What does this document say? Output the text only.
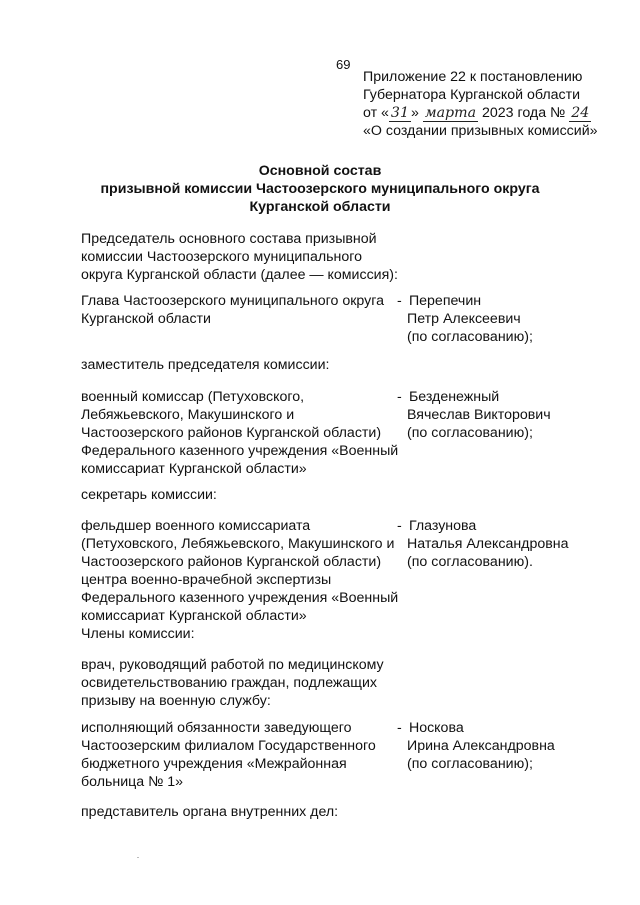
69
Приложение 22 к постановлению
Губернатора Курганской области
от « 31 » марта 2023 года № 24
«О создании призывных комиссий»
Основной состав
призывной комиссии Частоозерского муниципального округа
Курганской области
Председатель основного состава призывной
комиссии Частоозерского муниципального
округа Курганской области (далее — комиссия):
Глава Частоозерского муниципального округа
Курганской области
- Перепечин
Петр Алексеевич
(по согласованию);
заместитель председателя комиссии:
военный комиссар (Петуховского,
Лебяжьевского, Макушинского и
Частоозерского районов Курганской области)
Федерального казенного учреждения «Военный
комиссариат Курганской области»
- Безденежный
Вячеслав Викторович
(по согласованию);
секретарь комиссии:
фельдшер военного комиссариата
(Петуховского, Лебяжьевского, Макушинского и
Частоозерского районов Курганской области)
центра военно-врачебной экспертизы
Федерального казенного учреждения «Военный
комиссариат Курганской области»
- Глазунова
Наталья Александровна
(по согласованию).
Члены комиссии:
врач, руководящий работой по медицинскому
освидетельствованию граждан, подлежащих
призыву на военную службу:
исполняющий обязанности заведующего
Частоозерским филиалом Государственного
бюджетного учреждения «Межрайонная
больница № 1»
- Носкова
Ирина Александровна
(по согласованию);
представитель органа внутренних дел:
